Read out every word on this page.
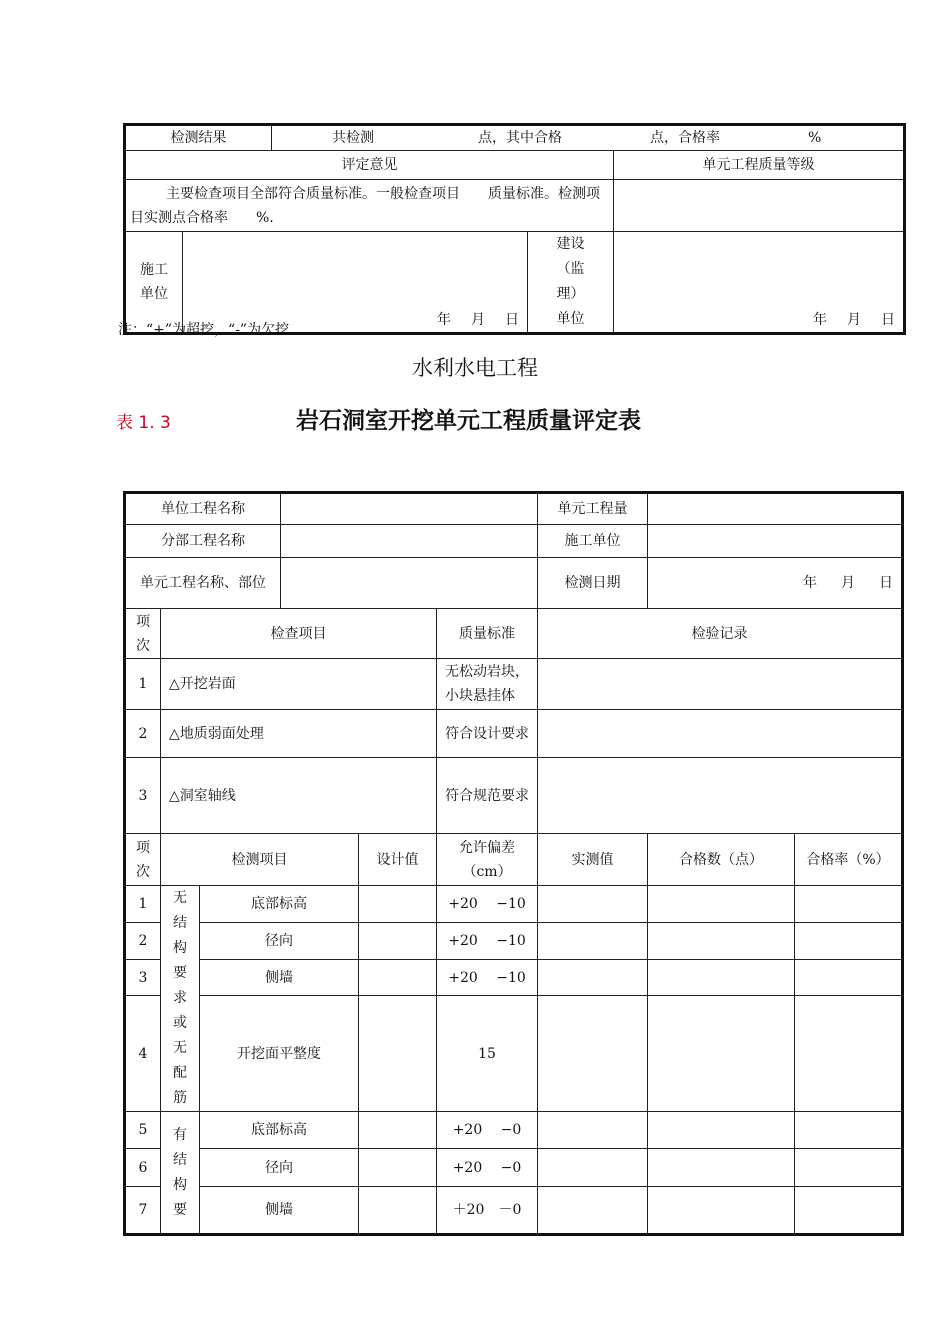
检测结果		共检测 点，其中合格 点，合格率 %		
评定意见				单元工程质量等级
主要检查项目全部符合质量标准。一般检查项目　　质量标准。检测项目实测点合格率　　%.				
施工单位	年 月 日		建设（监理）单位	年 月 日
注：“+”为超挖，“-”为欠挖
水利水电工程
表 1. 3	岩石洞室开挖单元工程质量评定表
单位工程名称						单元工程量		
分部工程名称						施工单位		
单元工程名称、部位						检测日期	年 月 日	
项次	检查项目				质量标准	检验记录		
1	△开挖岩面				无松动岩块，小块悬挂体			
2	△地质弱面处理				符合设计要求			
3	△洞室轴线				符合规范要求			
项次	检测项目			设计值	允许偏差（cm）	实测值	合格数（点）	合格率（%）
1	无结构要求或无配筋	底部标高			+20　 −10			
2		径向			+20　 −10			
3		侧墙			+20　 −10			
4		开挖面平整度			15			
5	有结构要	底部标高			+20　 −0			
6		径向			+20　 −0			
7		侧墙			＋20　－0			
